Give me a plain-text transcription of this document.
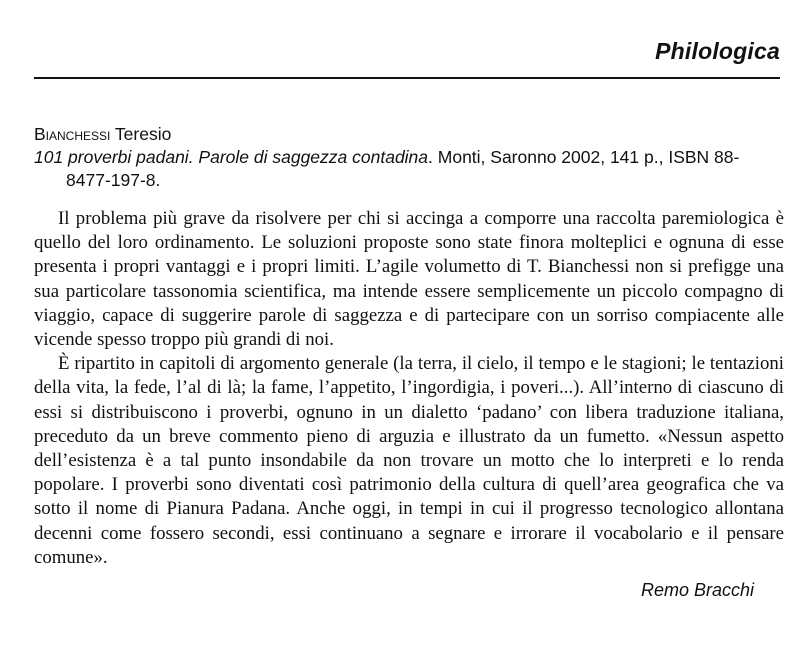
Philologica

Bianchessi Teresio

101 proverbi padani. Parole di saggezza contadina. Monti, Saronno 2002, 141 p., ISBN 88-8477-197-8.

Il problema più grave da risolvere per chi si accinga a comporre una raccolta paremiologica è quello del loro ordinamento. Le soluzioni proposte sono state finora molteplici e ognuna di esse presenta i propri vantaggi e i propri limiti. L’agile volumetto di T. Bianchessi non si prefigge una sua particolare tassonomia scientifica, ma intende essere semplicemente un piccolo compagno di viaggio, capace di suggerire parole di saggezza e di partecipare con un sorriso compiacente alle vicende spesso troppo più grandi di noi.

È ripartito in capitoli di argomento generale (la terra, il cielo, il tempo e le stagioni; le tentazioni della vita, la fede, l’al di là; la fame, l’appetito, l’ingordigia, i poveri...). All’interno di ciascuno di essi si distribuiscono i proverbi, ognuno in un dialetto ‘padano’ con libera traduzione italiana, preceduto da un breve commento pieno di arguzia e illustrato da un fumetto. «Nessun aspetto dell’esistenza è a tal punto insondabile da non trovare un motto che lo interpreti e lo renda popolare. I proverbi sono diventati così patrimonio della cultura di quell’area geografica che va sotto il nome di Pianura Padana. Anche oggi, in tempi in cui il progresso tecnologico allontana decenni come fossero secondi, essi continuano a segnare e irrorare il vocabolario e il pensare comune».

Remo Bracchi
